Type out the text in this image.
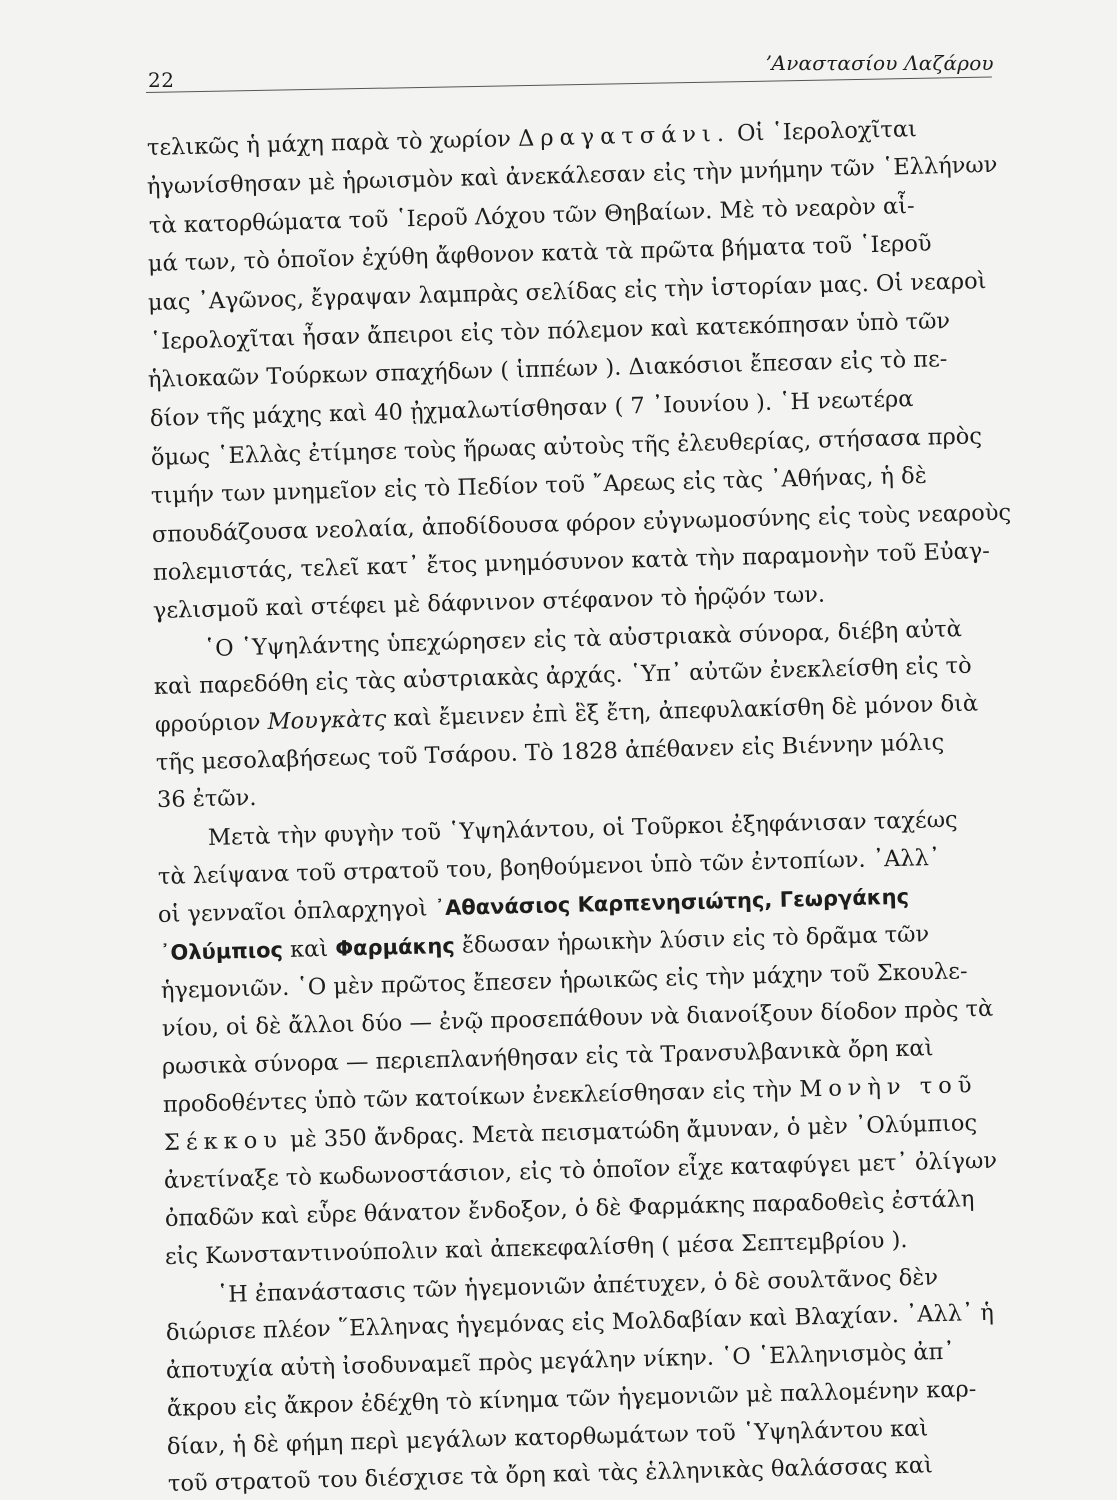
22
ʼΑναστασίου Λαζάρου
τελικῶς ἡ μάχη παρὰ τὸ χωρίον Δραγατσάνι. Οἱ ῾Ιερολοχῖται
ἠγωνίσθησαν μὲ ἡρωισμὸν καὶ ἀνεκάλεσαν εἰς τὴν μνήμην τῶν ῾Ελλήνων
τὰ κατορθώματα τοῦ ῾Ιεροῦ Λόχου τῶν Θηβαίων. Μὲ τὸ νεαρὸν αἷ-
μά των, τὸ ὁποῖον ἐχύθη ἄφθονον κατὰ τὰ πρῶτα βήματα τοῦ ῾Ιεροῦ
μας ᾿Αγῶνος, ἔγραψαν λαμπρὰς σελίδας εἰς τὴν ἱστορίαν μας. Οἱ νεαροὶ
῾Ιερολοχῖται ἦσαν ἄπειροι εἰς τὸν πόλεμον καὶ κατεκόπησαν ὑπὸ τῶν
ἡλιοκαῶν Τούρκων σπαχήδων ( ἱππέων ). Διακόσιοι ἔπεσαν εἰς τὸ πε-
δίον τῆς μάχης καὶ 40 ᾐχμαλωτίσθησαν ( 7 ᾿Ιουνίου ). ῾Η νεωτέρα
ὅμως ῾Ελλὰς ἐτίμησε τοὺς ἥρωας αὐτοὺς τῆς ἐλευθερίας, στήσασα πρὸς
τιμήν των μνημεῖον εἰς τὸ Πεδίον τοῦ ῎Αρεως εἰς τὰς ᾿Αθήνας, ἡ δὲ
σπουδάζουσα νεολαία, ἀποδίδουσα φόρον εὐγνωμοσύνης εἰς τοὺς νεαροὺς
πολεμιστάς, τελεῖ κατ᾿ ἔτος μνημόσυνον κατὰ τὴν παραμονὴν τοῦ Εὐαγ-
γελισμοῦ καὶ στέφει μὲ δάφνινον στέφανον τὸ ἡρῷόν των.
῾Ο ῾Υψηλάντης ὑπεχώρησεν εἰς τὰ αὐστριακὰ σύνορα, διέβη αὐτὰ
καὶ παρεδόθη εἰς τὰς αὐστριακὰς ἀρχάς. ῾Υπ᾿ αὐτῶν ἐνεκλείσθη εἰς τὸ
φρούριον Μουγκὰτς καὶ ἔμεινεν ἐπὶ ἓξ ἔτη, ἀπεφυλακίσθη δὲ μόνον διὰ
τῆς μεσολαβήσεως τοῦ Τσάρου. Τὸ 1828 ἀπέθανεν εἰς Βιέννην μόλις
36 ἐτῶν.
Μετὰ τὴν φυγὴν τοῦ ῾Υψηλάντου, οἱ Τοῦρκοι ἐξηφάνισαν ταχέως
τὰ λείψανα τοῦ στρατοῦ του, βοηθούμενοι ὑπὸ τῶν ἐντοπίων. ᾿Αλλ᾿
οἱ γενναῖοι ὁπλαρχηγοὶ ᾿Αθανάσιος Καρπενησιώτης, Γεωργάκης
᾿Ολύμπιος καὶ Φαρμάκης ἔδωσαν ἡρωικὴν λύσιν εἰς τὸ δρᾶμα τῶν
ἡγεμονιῶν. ῾Ο μὲν πρῶτος ἔπεσεν ἡρωικῶς εἰς τὴν μάχην τοῦ Σκουλε-
νίου, οἱ δὲ ἄλλοι δύο — ἐνῷ προσεπάθουν νὰ διανοίξουν δίοδον πρὸς τὰ
ρωσικὰ σύνορα — περιεπλανήθησαν εἰς τὰ Τρανσυλβανικὰ ὄρη καὶ
προδοθέντες ὑπὸ τῶν κατοίκων ἐνεκλείσθησαν εἰς τὴν Μονὴν τοῦ
Σέκκου μὲ 350 ἄνδρας. Μετὰ πεισματώδη ἄμυναν, ὁ μὲν ᾿Ολύμπιος
ἀνετίναξε τὸ κωδωνοστάσιον, εἰς τὸ ὁποῖον εἶχε καταφύγει μετ᾿ ὀλίγων
ὀπαδῶν καὶ εὗρε θάνατον ἔνδοξον, ὁ δὲ Φαρμάκης παραδοθεὶς ἐστάλη
εἰς Κωνσταντινούπολιν καὶ ἀπεκεφαλίσθη ( μέσα Σεπτεμβρίου ).
῾Η ἐπανάστασις τῶν ἡγεμονιῶν ἀπέτυχεν, ὁ δὲ σουλτᾶνος δὲν
διώρισε πλέον ῞Ελληνας ἡγεμόνας εἰς Μολδαβίαν καὶ Βλαχίαν. ᾿Αλλ᾿ ἡ
ἀποτυχία αὐτὴ ἰσοδυναμεῖ πρὸς μεγάλην νίκην. ῾Ο ῾Ελληνισμὸς ἀπ᾿
ἄκρου εἰς ἄκρον ἐδέχθη τὸ κίνημα τῶν ἡγεμονιῶν μὲ παλλομένην καρ-
δίαν, ἡ δὲ φήμη περὶ μεγάλων κατορθωμάτων τοῦ ῾Υψηλάντου καὶ
τοῦ στρατοῦ του διέσχισε τὰ ὄρη καὶ τὰς ἑλληνικὰς θαλάσσας καὶ
